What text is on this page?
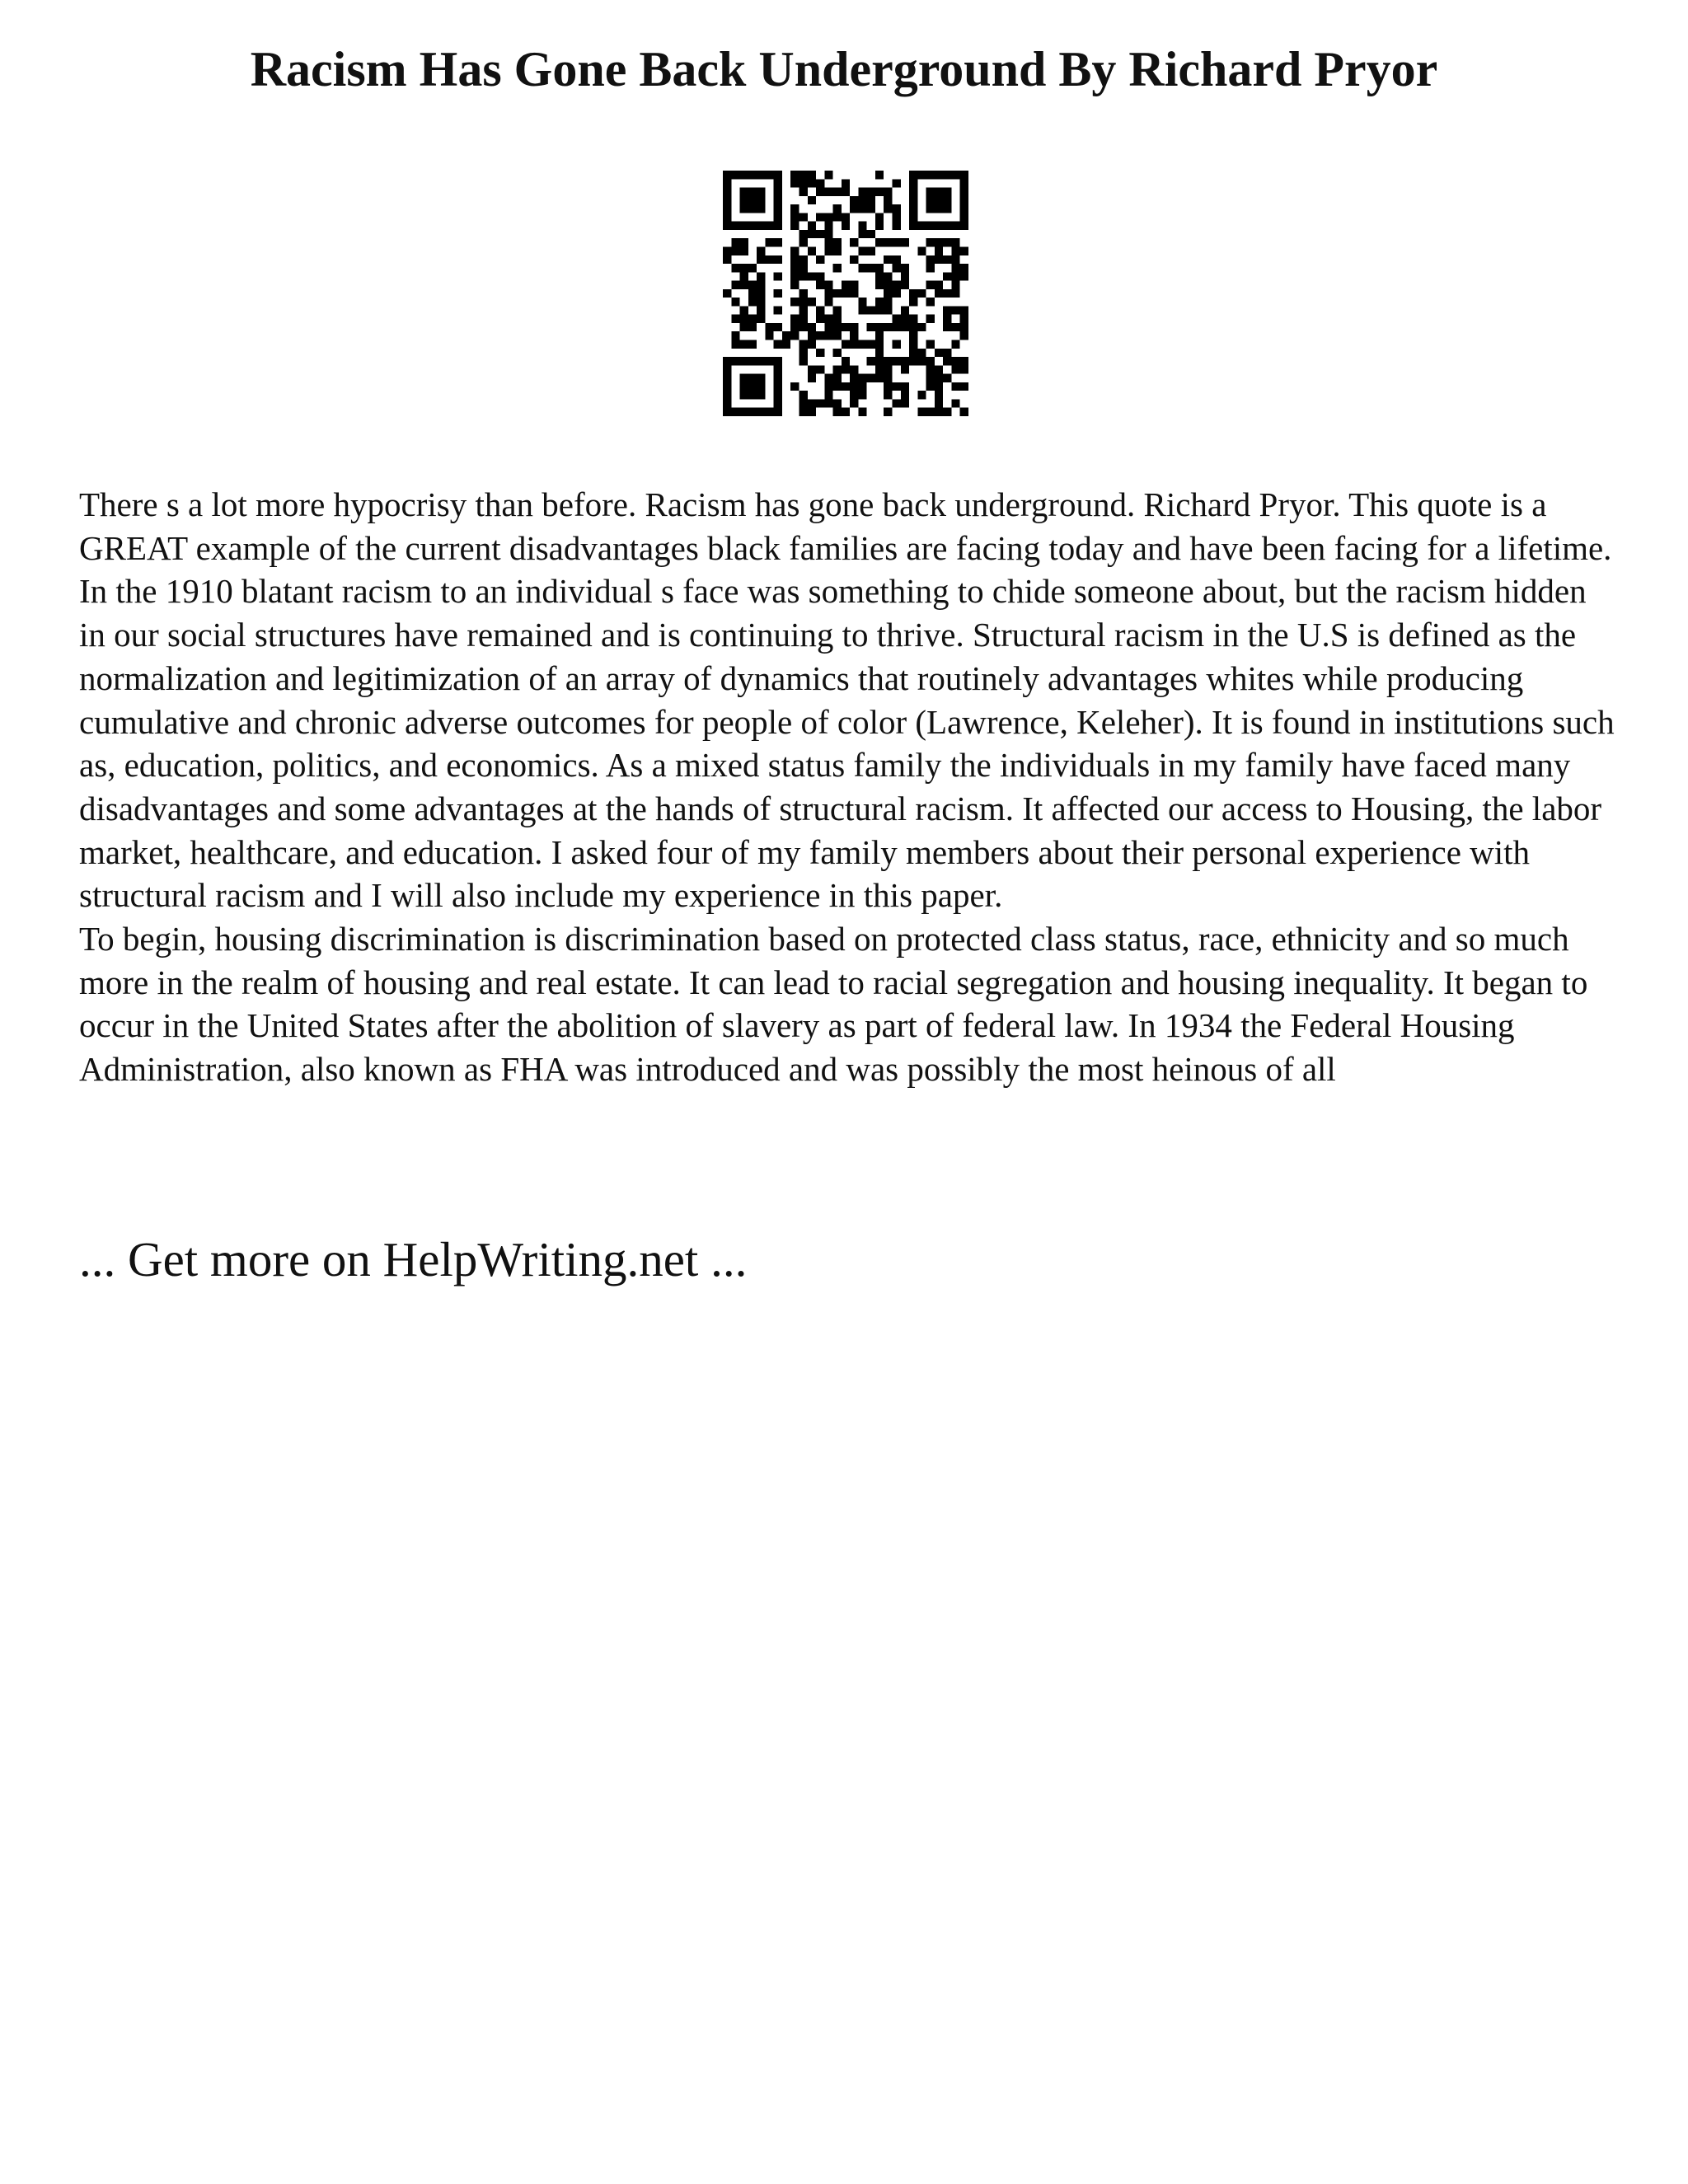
Racism Has Gone Back Underground By Richard Pryor

There s a lot more hypocrisy than before. Racism has gone back underground. Richard Pryor. This quote is a GREAT example of the current disadvantages black families are facing today and have been facing for a lifetime. In the 1910 blatant racism to an individual s face was something to chide someone about, but the racism hidden in our social structures have remained and is continuing to thrive. Structural racism in the U.S is defined as the normalization and legitimization of an array of dynamics that routinely advantages whites while producing cumulative and chronic adverse outcomes for people of color (Lawrence, Keleher). It is found in institutions such as, education, politics, and economics. As a mixed status family the individuals in my family have faced many disadvantages and some advantages at the hands of structural racism. It affected our access to Housing, the labor market, healthcare, and education. I asked four of my family members about their personal experience with structural racism and I will also include my experience in this paper.

To begin, housing discrimination is discrimination based on protected class status, race, ethnicity and so much more in the realm of housing and real estate. It can lead to racial segregation and housing inequality. It began to occur in the United States after the abolition of slavery as part of federal law. In 1934 the Federal Housing Administration, also known as FHA was introduced and was possibly the most heinous of all

... Get more on HelpWriting.net ...
